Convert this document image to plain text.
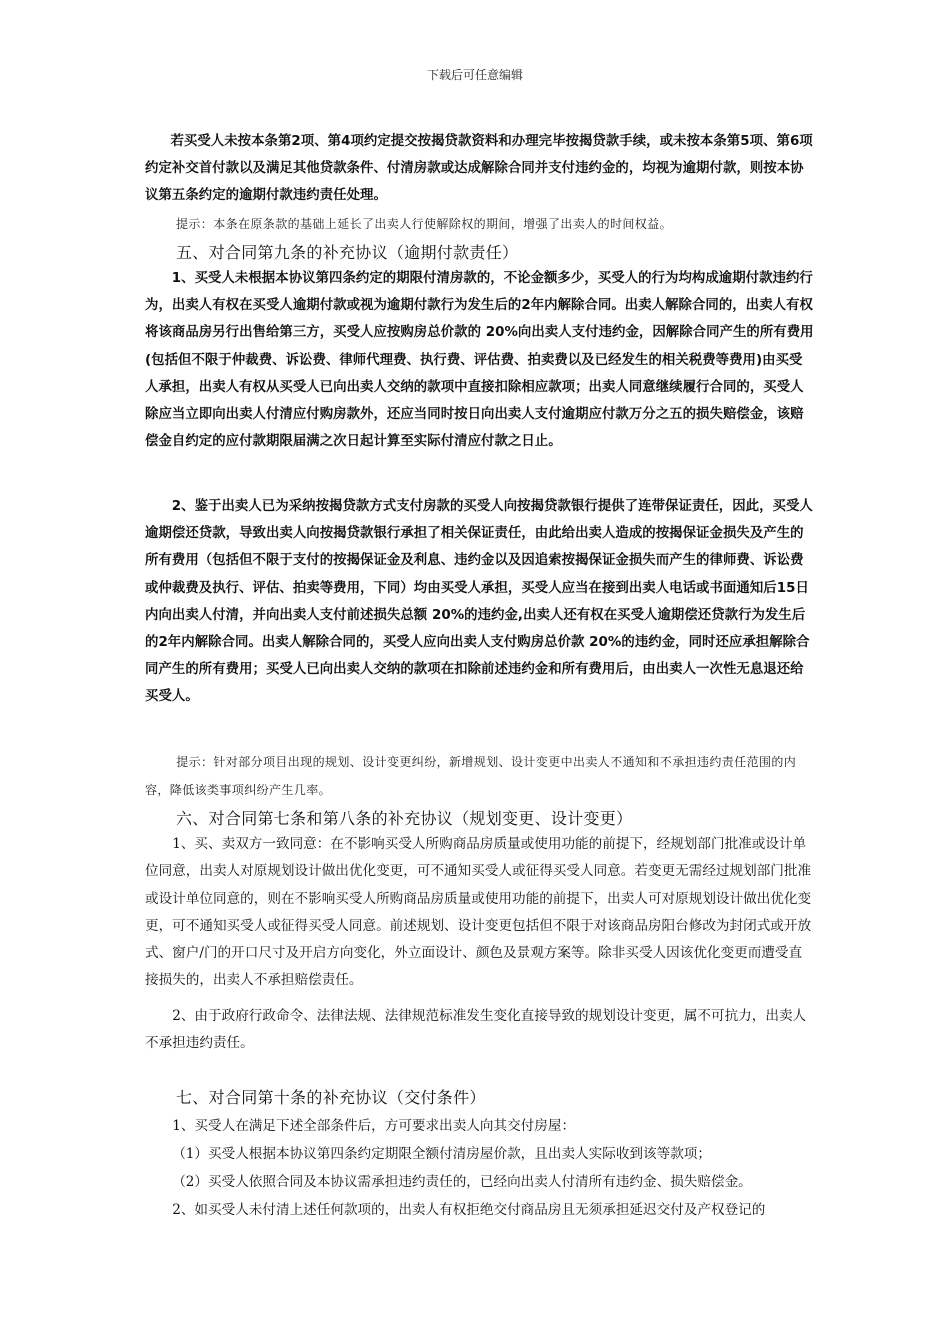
下载后可任意编辑

若买受人未按本条第2项、第4项约定提交按揭贷款资料和办理完毕按揭贷款手续，或未按本条第5项、第6项约定补交首付款以及满足其他贷款条件、付清房款或达成解除合同并支付违约金的，均视为逾期付款，则按本协议第五条约定的逾期付款违约责任处理。

提示：本条在原条款的基础上延长了出卖人行使解除权的期间，增强了出卖人的时间权益。

五、对合同第九条的补充协议（逾期付款责任）

1、买受人未根据本协议第四条约定的期限付清房款的，不论金额多少，买受人的行为均构成逾期付款违约行为，出卖人有权在买受人逾期付款或视为逾期付款行为发生后的2年内解除合同。出卖人解除合同的，出卖人有权将该商品房另行出售给第三方，买受人应按购房总价款的 20%向出卖人支付违约金，因解除合同产生的所有费用(包括但不限于仲裁费、诉讼费、律师代理费、执行费、评估费、拍卖费以及已经发生的相关税费等费用)由买受人承担，出卖人有权从买受人已向出卖人交纳的款项中直接扣除相应款项；出卖人同意继续履行合同的，买受人除应当立即向出卖人付清应付购房款外，还应当同时按日向出卖人支付逾期应付款万分之五的损失赔偿金，该赔偿金自约定的应付款期限届满之次日起计算至实际付清应付款之日止。

2、鉴于出卖人已为采纳按揭贷款方式支付房款的买受人向按揭贷款银行提供了连带保证责任，因此，买受人逾期偿还贷款，导致出卖人向按揭贷款银行承担了相关保证责任，由此给出卖人造成的按揭保证金损失及产生的所有费用（包括但不限于支付的按揭保证金及利息、违约金以及因追索按揭保证金损失而产生的律师费、诉讼费或仲裁费及执行、评估、拍卖等费用，下同）均由买受人承担，买受人应当在接到出卖人电话或书面通知后15日内向出卖人付清，并向出卖人支付前述损失总额 20%的违约金,出卖人还有权在买受人逾期偿还贷款行为发生后的2年内解除合同。出卖人解除合同的，买受人应向出卖人支付购房总价款 20%的违约金，同时还应承担解除合同产生的所有费用；买受人已向出卖人交纳的款项在扣除前述违约金和所有费用后，由出卖人一次性无息退还给买受人。

提示：针对部分项目出现的规划、设计变更纠纷，新增规划、设计变更中出卖人不通知和不承担违约责任范围的内容，降低该类事项纠纷产生几率。

六、对合同第七条和第八条的补充协议（规划变更、设计变更）

1、买、卖双方一致同意：在不影响买受人所购商品房质量或使用功能的前提下，经规划部门批准或设计单位同意，出卖人对原规划设计做出优化变更，可不通知买受人或征得买受人同意。若变更无需经过规划部门批准或设计单位同意的，则在不影响买受人所购商品房质量或使用功能的前提下，出卖人可对原规划设计做出优化变更，可不通知买受人或征得买受人同意。前述规划、设计变更包括但不限于对该商品房阳台修改为封闭式或开放式、窗户/门的开口尺寸及开启方向变化，外立面设计、颜色及景观方案等。除非买受人因该优化变更而遭受直接损失的，出卖人不承担赔偿责任。

2、由于政府行政命令、法律法规、法律规范标准发生变化直接导致的规划设计变更，属不可抗力，出卖人不承担违约责任。

七、对合同第十条的补充协议（交付条件）

1、买受人在满足下述全部条件后，方可要求出卖人向其交付房屋：

（1）买受人根据本协议第四条约定期限全额付清房屋价款，且出卖人实际收到该等款项；

（2）买受人依照合同及本协议需承担违约责任的，已经向出卖人付清所有违约金、损失赔偿金。

2、如买受人未付清上述任何款项的，出卖人有权拒绝交付商品房且无须承担延迟交付及产权登记的
